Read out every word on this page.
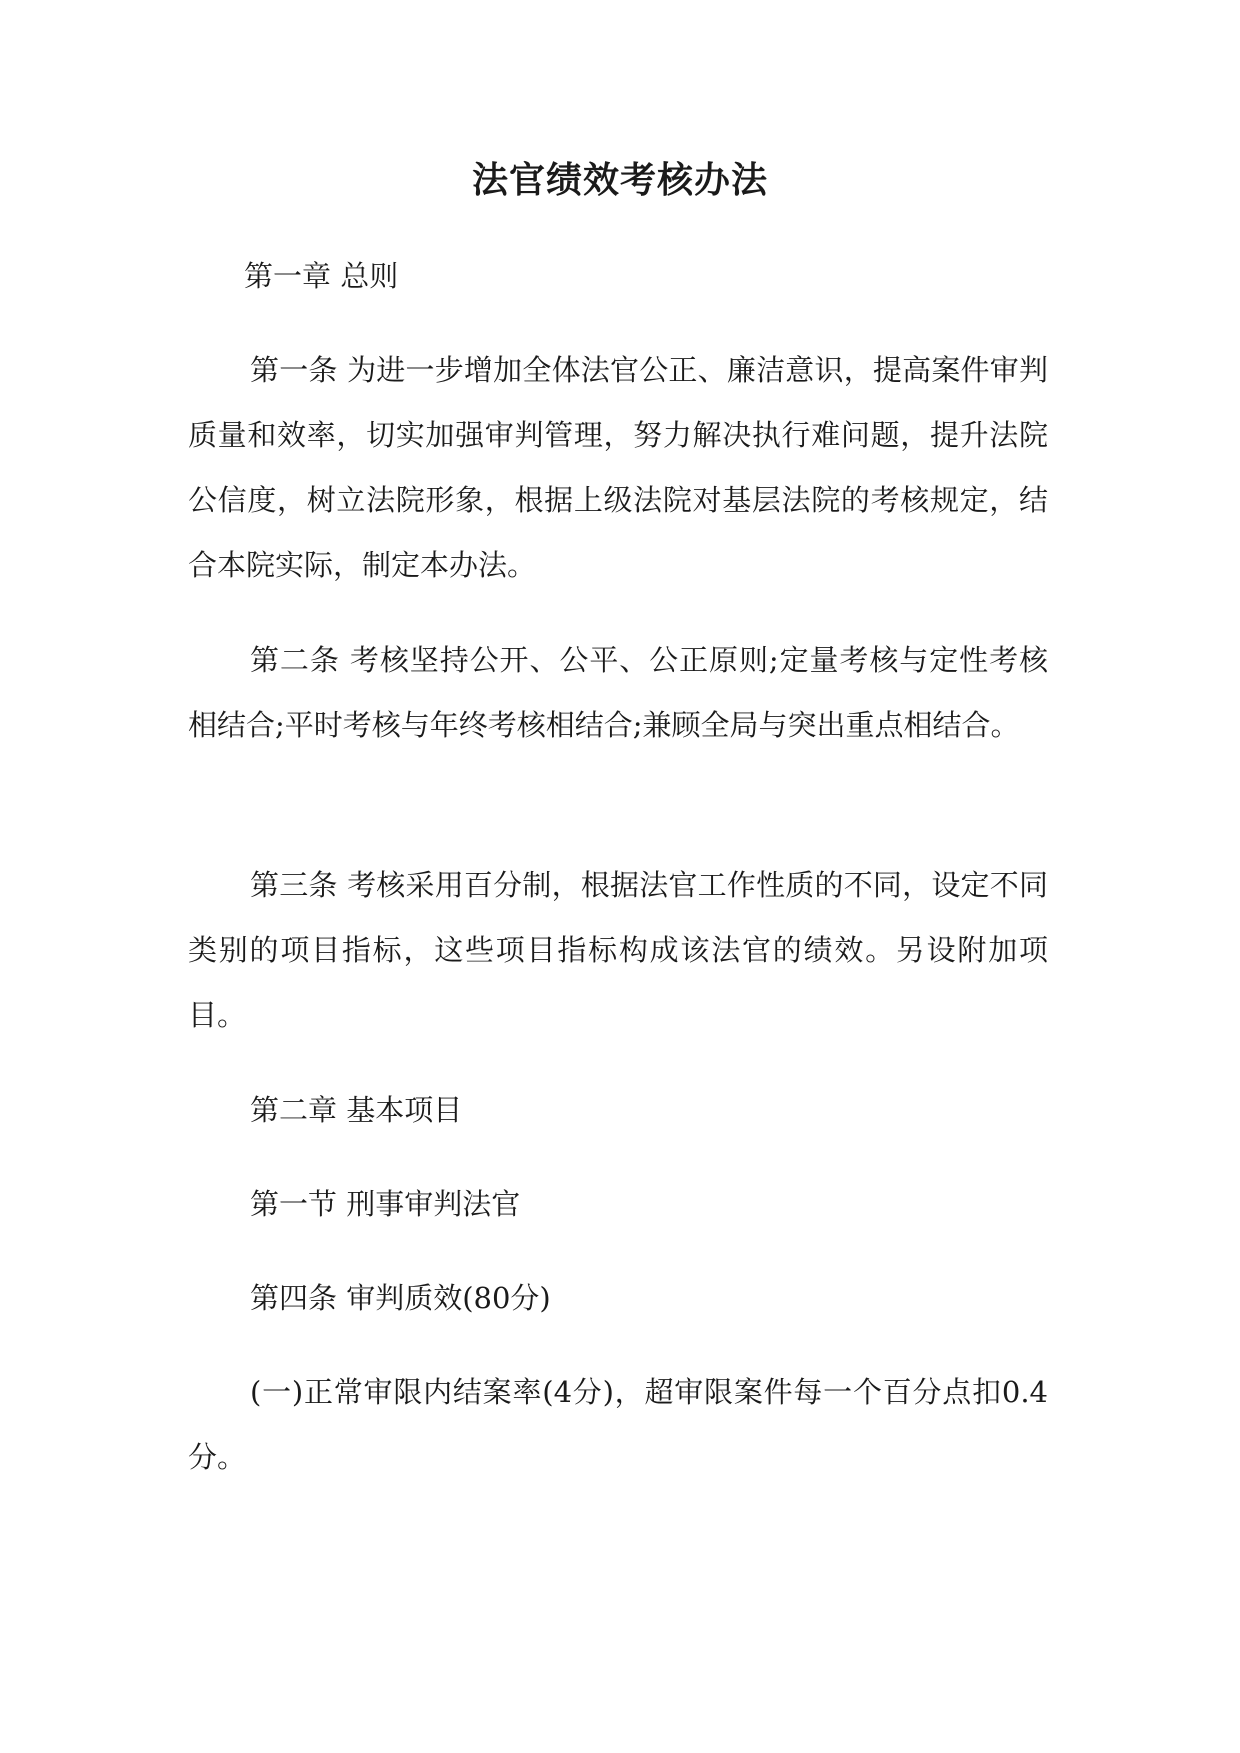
法官绩效考核办法

第一章 总则

第一条 为进一步增加全体法官公正、廉洁意识，提高案件审判质量和效率，切实加强审判管理，努力解决执行难问题，提升法院公信度，树立法院形象，根据上级法院对基层法院的考核规定，结合本院实际，制定本办法。

第二条 考核坚持公开、公平、公正原则;定量考核与定性考核相结合;平时考核与年终考核相结合;兼顾全局与突出重点相结合。

第三条 考核采用百分制，根据法官工作性质的不同，设定不同类别的项目指标，这些项目指标构成该法官的绩效。另设附加项目。

第二章 基本项目

第一节 刑事审判法官

第四条 审判质效(80分)

(一)正常审限内结案率(4分)，超审限案件每一个百分点扣0.4分。
